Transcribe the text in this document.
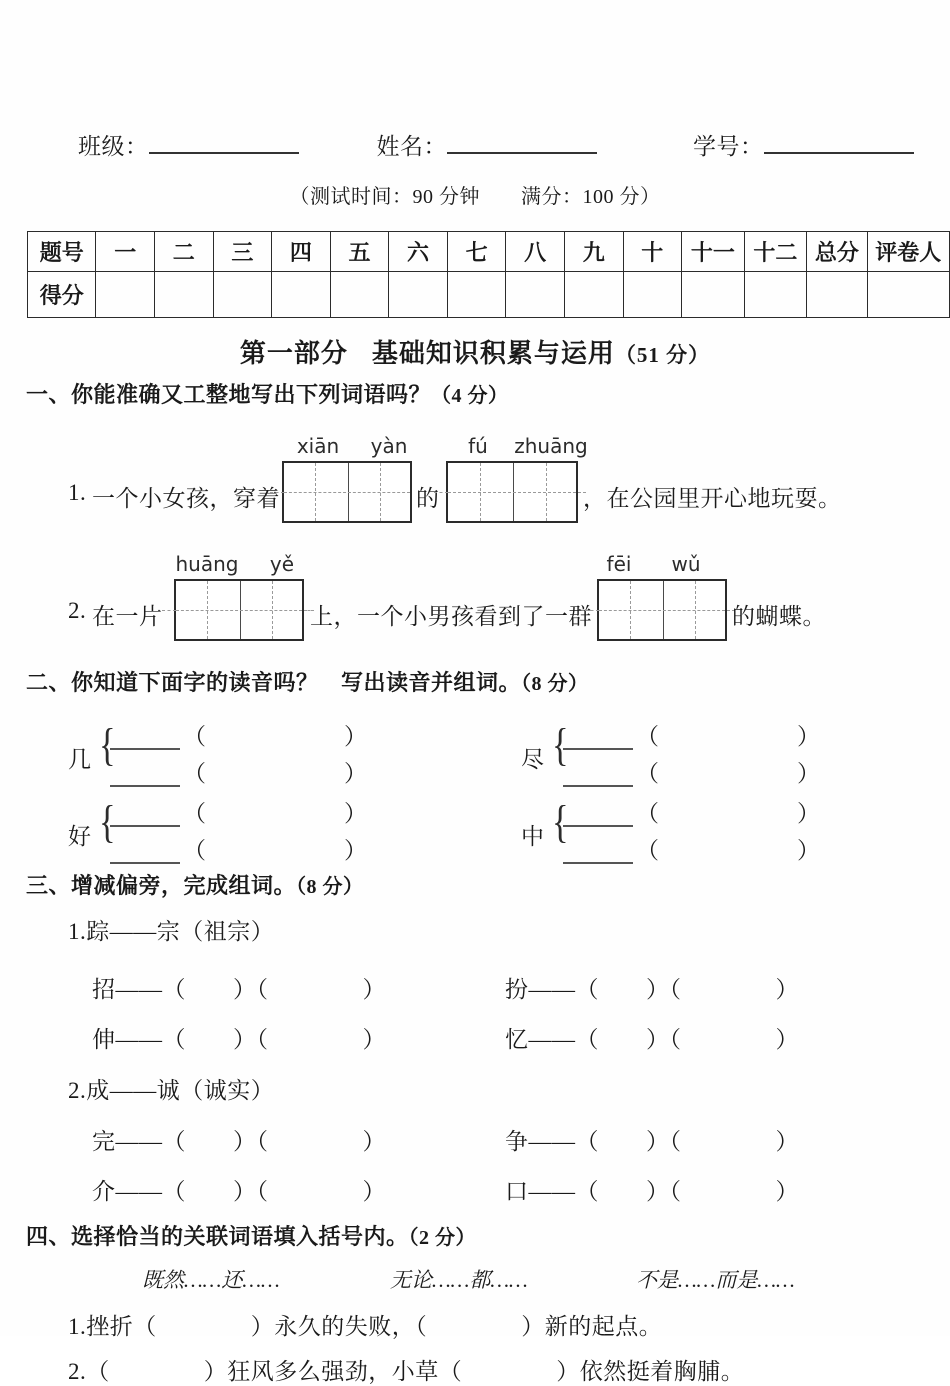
班级：	姓名：	学号：
（测试时间：90 分钟　　满分：100 分）
题号	一	二	三	四	五	六	七	八	九	十	十一	十二	总分	评卷人
得分														
第一部分 基础知识积累与运用（51 分）
一、你能准确又工整地写出下列词语吗？（4 分）
xiān	yàn	fú	zhuāng
1. 一个小女孩，穿着	的	，在公园里开心地玩耍。
huāng	yě	fēi	wǔ
2. 在一片	上，一个小男孩看到了一群	的蝴蝶。
二、你知道下面字的读音吗？　写出读音并组词。（8 分）
几 {	（　　　　　　）
（　　　　　　）
尽 {	（　　　　　　）
（　　　　　　）
好 {	（　　　　　　）
（　　　　　　）
中 {	（　　　　　　）
（　　　　　　）
三、增减偏旁，完成组词。（8 分）
1.踪——宗（祖宗）
招——（　　）（　　　　）	扮——（　　）（　　　　）
伸——（　　）（　　　　）	忆——（　　）（　　　　）
2.成——诚（诚实）
完——（　　）（　　　　）	争——（　　）（　　　　）
介——（　　）（　　　　）	口——（　　）（　　　　）
四、选择恰当的关联词语填入括号内。（2 分）
既然……还……	无论……都……	不是……而是……
1.挫折（　　　　）永久的失败，（　　　　）新的起点。
2.（　　　　）狂风多么强劲，小草（　　　　）依然挺着胸脯。
